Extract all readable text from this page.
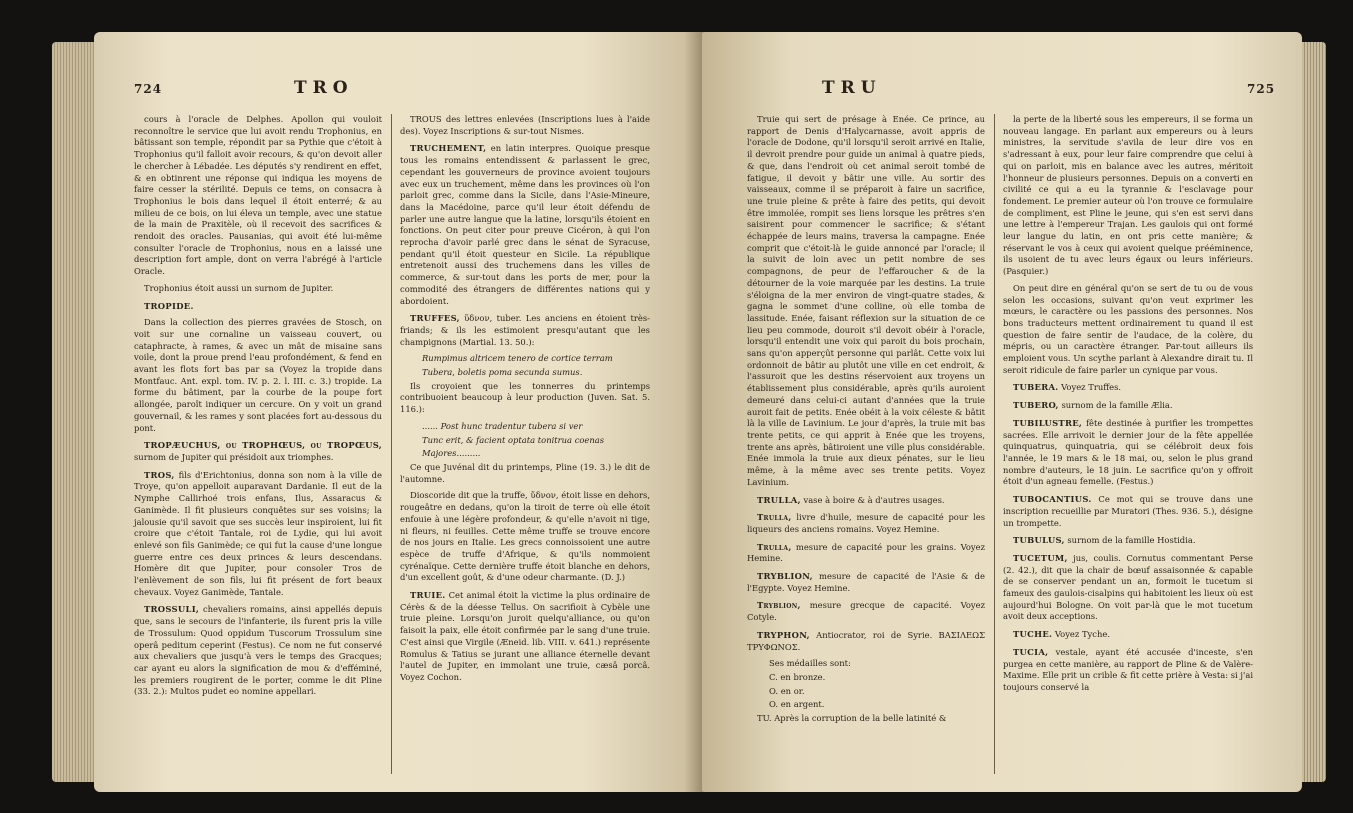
724	TRO

cours à l'oracle de Delphes. Apollon qui vouloit reconnoître le service que lui avoit rendu Trophonius, en bâtissant son temple, répondit par sa Pythie que c'étoit à Trophonius qu'il falloit avoir recours, & qu'on devoit aller le chercher à Lébadée. Les députés s'y rendirent en effet, & en obtinrent une réponse qui indiqua les moyens de faire cesser la stérilité. Depuis ce tems, on consacra à Trophonius le bois dans lequel il étoit enterré; & au milieu de ce bois, on lui éleva un temple, avec une statue de la main de Praxitèle, où il recevoit des sacrifices & rendoit des oracles. Pausanias, qui avoit été lui-même consulter l'oracle de Trophonius, nous en a laissé une description fort ample, dont on verra l'abrégé à l'article Oracle.

Trophonius étoit aussi un surnom de Jupiter.

TROPIDE.

Dans la collection des pierres gravées de Stosch, on voit sur une cornaline un vaisseau couvert, ou cataphracte, à rames, & avec un mât de misaine sans voile, dont la proue prend l'eau profondément, & fend en avant les flots fort bas par sa (Voyez la tropide dans Montfauc. Ant. expl. tom. IV. p. 2. l. III. c. 3.) tropide. La forme du bâtiment, par la courbe de la poupe fort allongée, paroît indiquer un cercure. On y voit un grand gouvernail, & les rames y sont placées fort au-dessous du pont.

TROPÆUCHUS, ou TROPHŒUS, ou TROPŒUS, surnom de Jupiter qui présidoit aux triomphes.

TROS, fils d'Erichtonius, donna son nom à la ville de Troye, qu'on appelloit auparavant Dardanie. Il eut de la Nymphe Callirhoé trois enfans, Ilus, Assaracus & Ganimède. Il fit plusieurs conquêtes sur ses voisins; la jalousie qu'il savoit que ses succès leur inspiroient, lui fit croire que c'étoit Tantale, roi de Lydie, qui lui avoit enlevé son fils Ganimède; ce qui fut la cause d'une longue guerre entre ces deux princes & leurs descendans. Homère dit que Jupiter, pour consoler Tros de l'enlèvement de son fils, lui fit présent de fort beaux chevaux. Voyez Ganimède, Tantale.

TROSSULI, chevaliers romains, ainsi appellés depuis que, sans le secours de l'infanterie, ils furent pris la ville de Trossulum: Quod oppidum Tuscorum Trossulum sine operâ peditum ceperint (Festus). Ce nom ne fut conservé aux chevaliers que jusqu'à vers le temps des Gracques; car ayant eu alors la signification de mou & d'efféminé, les premiers rougirent de le porter, comme le dit Pline (33. 2.): Multos pudet eo nomine appellari.

TROUS des lettres enlevées (Inscriptions lues à l'aide des). Voyez Inscriptions & sur-tout Nismes.

TRUCHEMENT, en latin interpres. Quoique presque tous les romains entendissent & parlassent le grec, cependant les gouverneurs de province avoient toujours avec eux un truchement, même dans les provinces où l'on parloit grec, comme dans la Sicile, dans l'Asie-Mineure, dans la Macédoine, parce qu'il leur étoit défendu de parler une autre langue que la latine, lorsqu'ils étoient en fonctions. On peut citer pour preuve Cicéron, à qui l'on reprocha d'avoir parlé grec dans le sénat de Syracuse, pendant qu'il étoit questeur en Sicile. La république entretenoit aussi des truchemens dans les villes de commerce, & sur-tout dans les ports de mer, pour la commodité des étrangers de différentes nations qui y abordoient.

TRUFFES, ὕδνον, tuber. Les anciens en étoient très-friands; & ils les estimoient presqu'autant que les champignons (Martial. 13. 50.):

Rumpimus altricem tenero de cortice terram

Tubera, boletis poma secunda sumus.

Ils croyoient que les tonnerres du printemps contribuoient beaucoup à leur production (Juven. Sat. 5. 116.):

...... Post hunc tradentur tubera si ver

Tunc erit, & facient optata tonitrua coenas

Majores.........

Ce que Juvénal dit du printemps, Pline (19. 3.) le dit de l'automne.

Dioscoride dit que la truffe, ὕδνον, étoit lisse en dehors, rougeâtre en dedans, qu'on la tiroit de terre où elle étoit enfouie à une légère profondeur, & qu'elle n'avoit ni tige, ni fleurs, ni feuilles. Cette même truffe se trouve encore de nos jours en Italie. Les grecs connoissoient une autre espèce de truffe d'Afrique, & qu'ils nommoient cyrénaïque. Cette dernière truffe étoit blanche en dehors, d'un excellent goût, & d'une odeur charmante. (D. J.)

TRUIE. Cet animal étoit la victime la plus ordinaire de Cérès & de la déesse Tellus. On sacrifioit à Cybèle une truie pleine. Lorsqu'on juroit quelqu'alliance, ou qu'on faisoit la paix, elle étoit confirmée par le sang d'une truie. C'est ainsi que Virgile (Æneid. lib. VIII. v. 641.) représente Romulus & Tatius se jurant une alliance éternelle devant l'autel de Jupiter, en immolant une truie, cæsâ porcâ. Voyez Cochon.

TRU	725

Truie qui sert de présage à Enée. Ce prince, au rapport de Denis d'Halycarnasse, avoit appris de l'oracle de Dodone, qu'il lorsqu'il seroit arrivé en Italie, il devroit prendre pour guide un animal à quatre pieds, & que, dans l'endroit où cet animal seroit tombé de fatigue, il devoit y bâtir une ville. Au sortir des vaisseaux, comme il se préparoit à faire un sacrifice, une truie pleine & prête à faire des petits, qui devoit être immolée, rompit ses liens lorsque les prêtres s'en saisirent pour commencer le sacrifice; & s'étant échappée de leurs mains, traversa la campagne. Enée comprit que c'étoit-là le guide annoncé par l'oracle; il la suivit de loin avec un petit nombre de ses compagnons, de peur de l'effaroucher & de la détourner de la voie marquée par les destins. La truie s'éloigna de la mer environ de vingt-quatre stades, & gagna le sommet d'une colline, où elle tomba de lassitude. Enée, faisant réflexion sur la situation de ce lieu peu commode, douroit s'il devoit obéir à l'oracle, lorsqu'il entendit une voix qui paroit du bois prochain, sans qu'on apperçût personne qui parlât. Cette voix lui ordonnoit de bâtir au plutôt une ville en cet endroit, & l'assuroit que les destins réservoient aux troyens un établissement plus considérable, après qu'ils auroient demeuré dans celui-ci autant d'années que la truie auroit fait de petits. Enée obéit à la voix céleste & bâtit là la ville de Lavinium. Le jour d'après, la truie mit bas trente petits, ce qui apprit à Enée que les troyens, trente ans après, bâtiroient une ville plus considérable. Enée immola la truie aux dieux pénates, sur le lieu même, à la même avec ses trente petits. Voyez Lavinium.

TRULLA, vase à boire & à d'autres usages.

Trulla, livre d'huile, mesure de capacité pour les liqueurs des anciens romains. Voyez Hemine.

Trulla, mesure de capacité pour les grains. Voyez Hemine.

TRYBLION, mesure de capacité de l'Asie & de l'Egypte. Voyez Hemine.

Tryblion, mesure grecque de capacité. Voyez Cotyle.

TRYPHON, Antiocrator, roi de Syrie. ΒΑΣΙΛΕΩΣ ΤΡΥΦΩΝΟΣ.

Ses médailles sont:

C. en bronze.

O. en or.

O. en argent.

TU. Après la corruption de la belle latinité &

la perte de la liberté sous les empereurs, il se forma un nouveau langage. En parlant aux empereurs ou à leurs ministres, la servitude s'avila de leur dire vos en s'adressant à eux, pour leur faire comprendre que celui à qui on parloit, mis en balance avec les autres, méritoit l'honneur de plusieurs personnes. Depuis on a converti en civilité ce qui a eu la tyrannie & l'esclavage pour fondement. Le premier auteur où l'on trouve ce formulaire de compliment, est Pline le jeune, qui s'en est servi dans une lettre à l'empereur Trajan. Les gaulois qui ont formé leur langue du latin, en ont pris cette manière; & réservant le vos à ceux qui avoient quelque prééminence, ils usoient de tu avec leurs égaux ou leurs inférieurs. (Pasquier.)

On peut dire en général qu'on se sert de tu ou de vous selon les occasions, suivant qu'on veut exprimer les mœurs, le caractère ou les passions des personnes. Nos bons traducteurs mettent ordinairement tu quand il est question de faire sentir de l'audace, de la colère, du mépris, ou un caractère étranger. Par-tout ailleurs ils emploient vous. Un scythe parlant à Alexandre dirait tu. Il seroit ridicule de faire parler un cynique par vous.

TUBERA. Voyez Truffes.

TUBERO, surnom de la famille Ælia.

TUBILUSTRE, fête destinée à purifier les trompettes sacrées. Elle arrivoit le dernier jour de la fête appellée quinquatrus, quinquatria, qui se célébroit deux fois l'année, le 19 mars & le 18 mai, ou, selon le plus grand nombre d'auteurs, le 18 juin. Le sacrifice qu'on y offroit étoit d'un agneau femelle. (Festus.)

TUBOCANTIUS. Ce mot qui se trouve dans une inscription recueillie par Muratori (Thes. 936. 5.), désigne un trompette.

TUBULUS, surnom de la famille Hostidia.

TUCETUM, jus, coulis. Cornutus commentant Perse (2. 42.), dit que la chair de bœuf assaisonnée & capable de se conserver pendant un an, formoit le tucetum si fameux des gaulois-cisalpins qui habitoient les lieux où est aujourd'hui Bologne. On voit par-là que le mot tucetum avoit deux acceptions.

TUCHE. Voyez Tyche.

TUCIA, vestale, ayant été accusée d'inceste, s'en purgea en cette manière, au rapport de Pline & de Valère-Maxime. Elle prit un crible & fit cette prière à Vesta: si j'ai toujours conservé la
